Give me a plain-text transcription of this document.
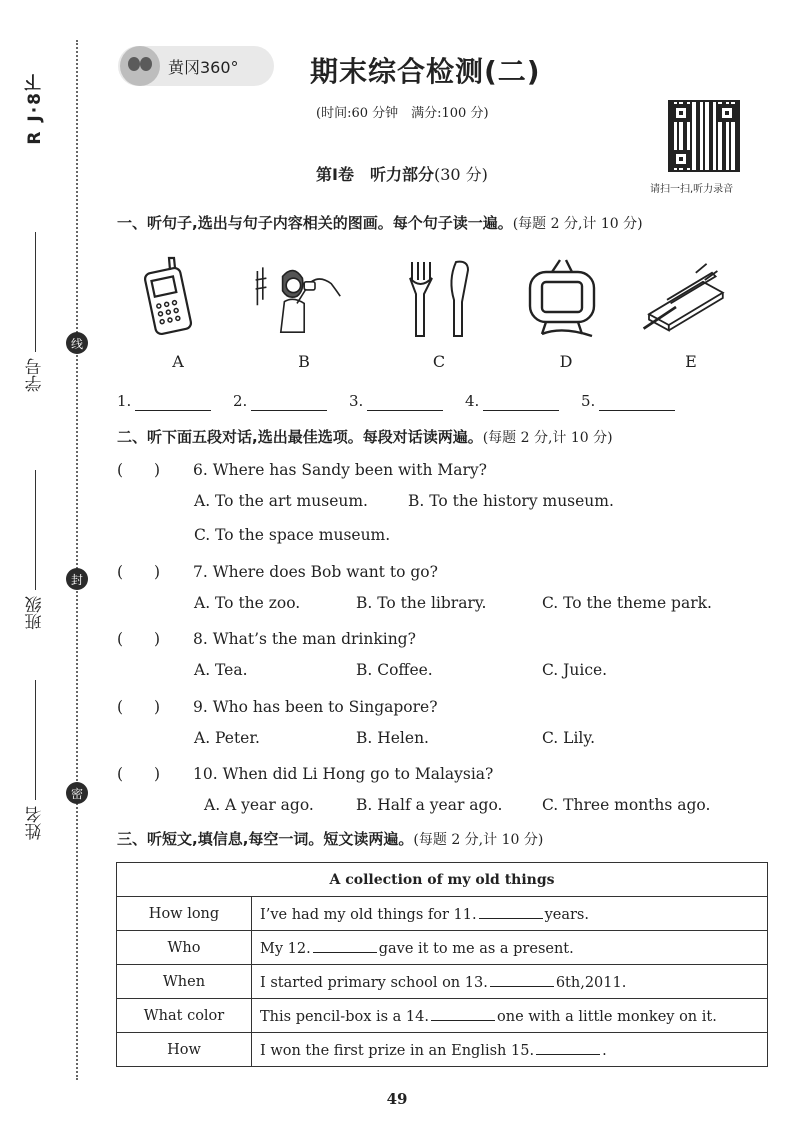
R J·8下
线
封
密
学号
班级
姓名
黄冈360°	期末综合检测(二)
(时间:60 分钟　满分:100 分)
请扫一扫,听力录音
第Ⅰ卷　听力部分(30 分)
一、听句子,选出与句子内容相关的图画。每个句子读一遍。(每题 2 分,计 10 分)
A	B	C	D	E
1.	2.	3.	4.	5.
二、听下面五段对话,选出最佳选项。每段对话读两遍。(每题 2 分,计 10 分)
(　　) 6. Where has Sandy been with Mary?
A. To the art museum.	B. To the history museum.
C. To the space museum.
(　　) 7. Where does Bob want to go?
A. To the zoo.	B. To the library.	C. To the theme park.
(　　) 8. What’s the man drinking?
A. Tea.	B. Coffee.	C. Juice.
(　　) 9. Who has been to Singapore?
A. Peter.	B. Helen.	C. Lily.
(　　) 10. When did Li Hong go to Malaysia?
A. A year ago.	B. Half a year ago.	C. Three months ago.
三、听短文,填信息,每空一词。短文读两遍。(每题 2 分,计 10 分)
A collection of my old things	
How long	I’ve had my old things for 11. years.
Who	My 12. gave it to me as a present.
When	I started primary school on 13. 6th,2011.
What color	This pencil-box is a 14. one with a little monkey on it.
How	I won the first prize in an English 15. .
49
